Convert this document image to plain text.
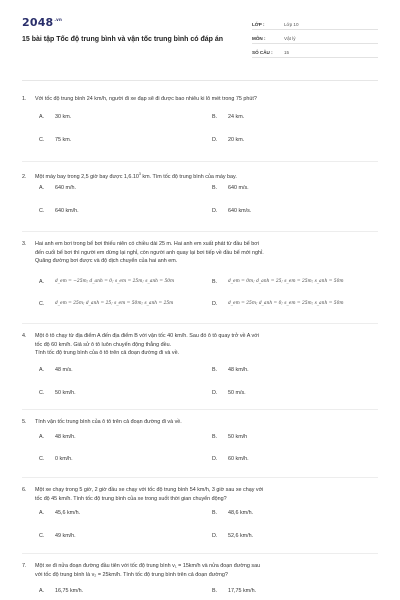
$2048^{.vn}$
15 bài tập Tốc độ trung bình và vận tốc trung bình có đáp án
LỚP :	Lớp 10
MÔN :	Vật lý
SỐ CÂU :	15
1. Với tốc độ trung bình 24 km/h, người đi xe đạp sẽ đi được bao nhiêu ki lô mét trong 75 phút?
A.	30 km.	B.	24 km.
C.	75 km.	D.	20 km.
2. Một máy bay trong 2,5 giờ bay được 1,6.10$^3$ km. Tìm tốc độ trung bình của máy bay.
A.	640 m/h.	B.	640 m/s.
C.	640 km/h.	D.	640 km/s.
3. Hai anh em bơi trong bể bơi thiếu niên có chiều dài 25 m. Hai anh em xuất phát từ đầu bể bơi
đến cuối bể bơi thì người em dừng lại nghỉ, còn người anh quay lại bơi tiếp về đầu bể mới nghỉ.
Quãng đường bơi được và độ dịch chuyển của hai anh em.
A.	d_em = −25m; d_anh = 0; s_em = 25m; s_anh = 50m	B.	d_em = 0m; d_anh = 25; s_em = 25m; s_anh = 50m
C.	d_em = 25m; d_anh = 25; s_em = 50m; s_anh = 25m	D.	d_em = 25m; d_anh = 0; s_em = 25m; s_anh = 50m
4. Một ô tô chạy từ địa điểm A đến địa điểm B với vận tốc 40 km/h. Sau đó ô tô quay trở về A với
tốc độ 60 km/h. Giả sử ô tô luôn chuyển động thẳng đều.
Tính tốc độ trung bình của ô tô trên cả đoạn đường đi và về.
A.	48 m/s.	B.	48 km/h.
C.	50 km/h.	D.	50 m/s.
5. Tính vận tốc trung bình của ô tô trên cả đoạn đường đi và về.
A.	48 km/h.	B.	50 km/h
C.	0 km/h.	D.	60 km/h.
6. Một xe chạy trong 5 giờ, 2 giờ đầu xe chạy với tốc độ trung bình 54 km/h, 3 giờ sau xe chạy với
tốc độ 45 km/h. Tính tốc độ trung bình của xe trong suốt thời gian chuyển động?
A.	45,6 km/h.	B.	48,6 km/h.
C.	49 km/h.	D.	52,6 km/h.
7. Một xe đi nửa đoạn đường đầu tiên với tốc độ trung bình v₁ = 15km/h và nửa đoạn đường sau
với tốc độ trung bình là v₂ = 25km/h. Tính tốc độ trung bình trên cả đoạn đường?
A.	16,75 km/h.	B.	17,75 km/h.
